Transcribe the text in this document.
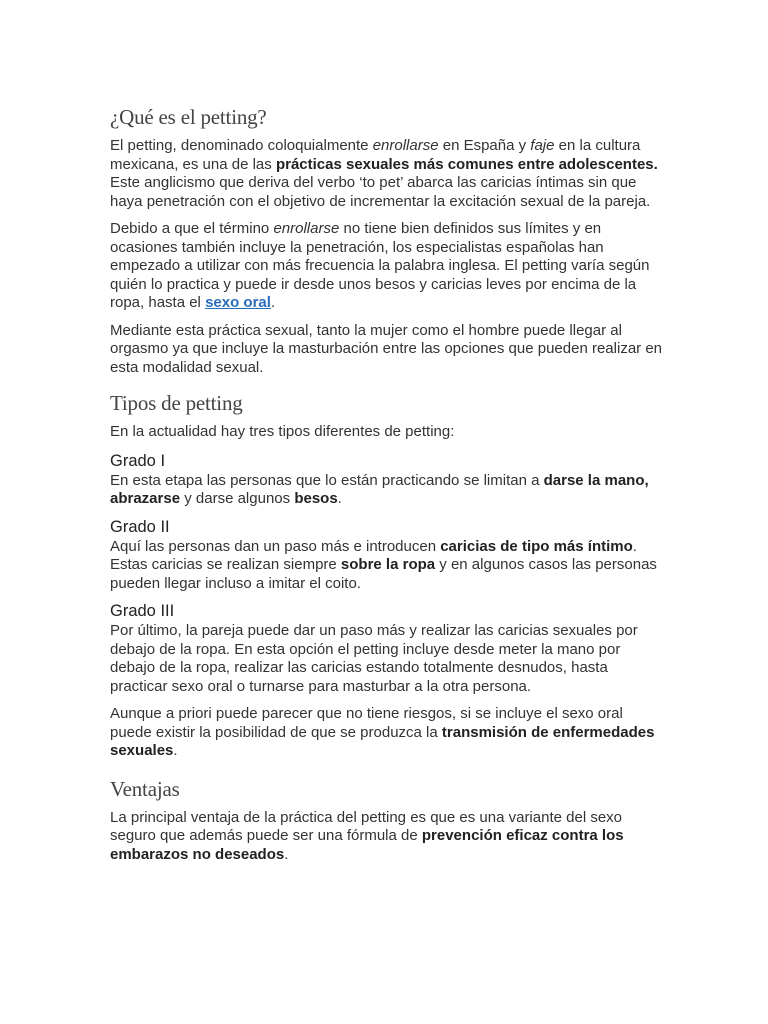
¿Qué es el petting?

El petting, denominado coloquialmente enrollarse en España y faje en la cultura mexicana, es una de las prácticas sexuales más comunes entre adolescentes. Este anglicismo que deriva del verbo ‘to pet’ abarca las caricias íntimas sin que haya penetración con el objetivo de incrementar la excitación sexual de la pareja.

Debido a que el término enrollarse no tiene bien definidos sus límites y en ocasiones también incluye la penetración, los especialistas españolas han empezado a utilizar con más frecuencia la palabra inglesa. El petting varía según quién lo practica y puede ir desde unos besos y caricias leves por encima de la ropa, hasta el sexo oral.

Mediante esta práctica sexual, tanto la mujer como el hombre puede llegar al orgasmo ya que incluye la masturbación entre las opciones que pueden realizar en esta modalidad sexual.

Tipos de petting

En la actualidad hay tres tipos diferentes de petting:

Grado I

En esta etapa las personas que lo están practicando se limitan a darse la mano, abrazarse y darse algunos besos.

Grado II

Aquí las personas dan un paso más e introducen caricias de tipo más íntimo. Estas caricias se realizan siempre sobre la ropa y en algunos casos las personas pueden llegar incluso a imitar el coito.

Grado III

Por último, la pareja puede dar un paso más y realizar las caricias sexuales por debajo de la ropa. En esta opción el petting incluye desde meter la mano por debajo de la ropa, realizar las caricias estando totalmente desnudos, hasta practicar sexo oral o turnarse para masturbar a la otra persona.

Aunque a priori puede parecer que no tiene riesgos, si se incluye el sexo oral puede existir la posibilidad de que se produzca la transmisión de enfermedades sexuales.

Ventajas

La principal ventaja de la práctica del petting es que es una variante del sexo seguro que además puede ser una fórmula de prevención eficaz contra los embarazos no deseados.
